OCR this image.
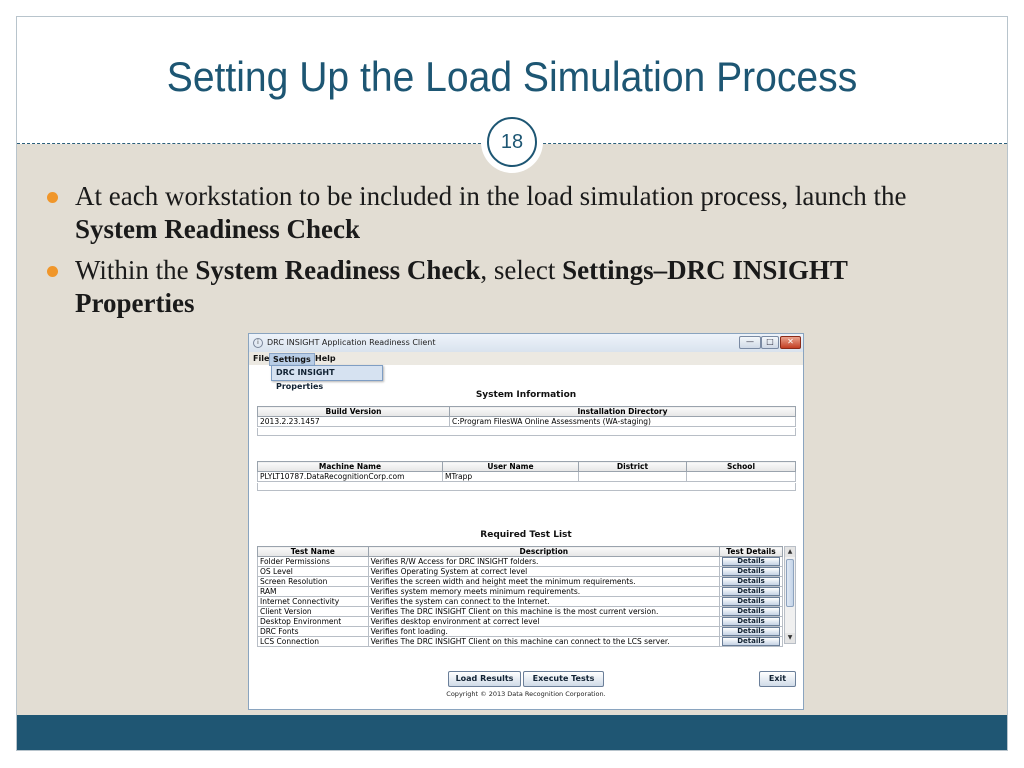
Setting Up the Load Simulation Process
18
At each workstation to be included in the load simulation process, launch the System Readiness Check
Within the System Readiness Check, select Settings–DRC INSIGHT Properties
i	DRC INSIGHT Application Readiness Client	—	□	✕
File Settings Help
DRC INSIGHT Properties
System Information
Build Version	Installation Directory
2013.2.23.1457	C:Program FilesWA Online Assessments (WA-staging)
Machine Name	User Name	District	School
PLYLT10787.DataRecognitionCorp.com	MTrapp		
Required Test List
Test Name	Description	Test Details
Folder Permissions	Verifies R/W Access for DRC INSIGHT folders.	Details

OS Level	Verifies Operating System at correct level	Details

Screen Resolution	Verifies the screen width and height meet the minimum requirements.	Details

RAM	Verifies system memory meets minimum requirements.	Details

Internet Connectivity	Verifies the system can connect to the Internet.	Details

Client Version	Verifies The DRC INSIGHT Client on this machine is the most current version.	Details

Desktop Environment	Verifies desktop environment at correct level	Details

DRC Fonts	Verifies font loading.	Details

LCS Connection	Verifies The DRC INSIGHT Client on this machine can connect to the LCS server.	Details
▲
▼
Load Results	Execute Tests	Exit
Copyright © 2013 Data Recognition Corporation.
